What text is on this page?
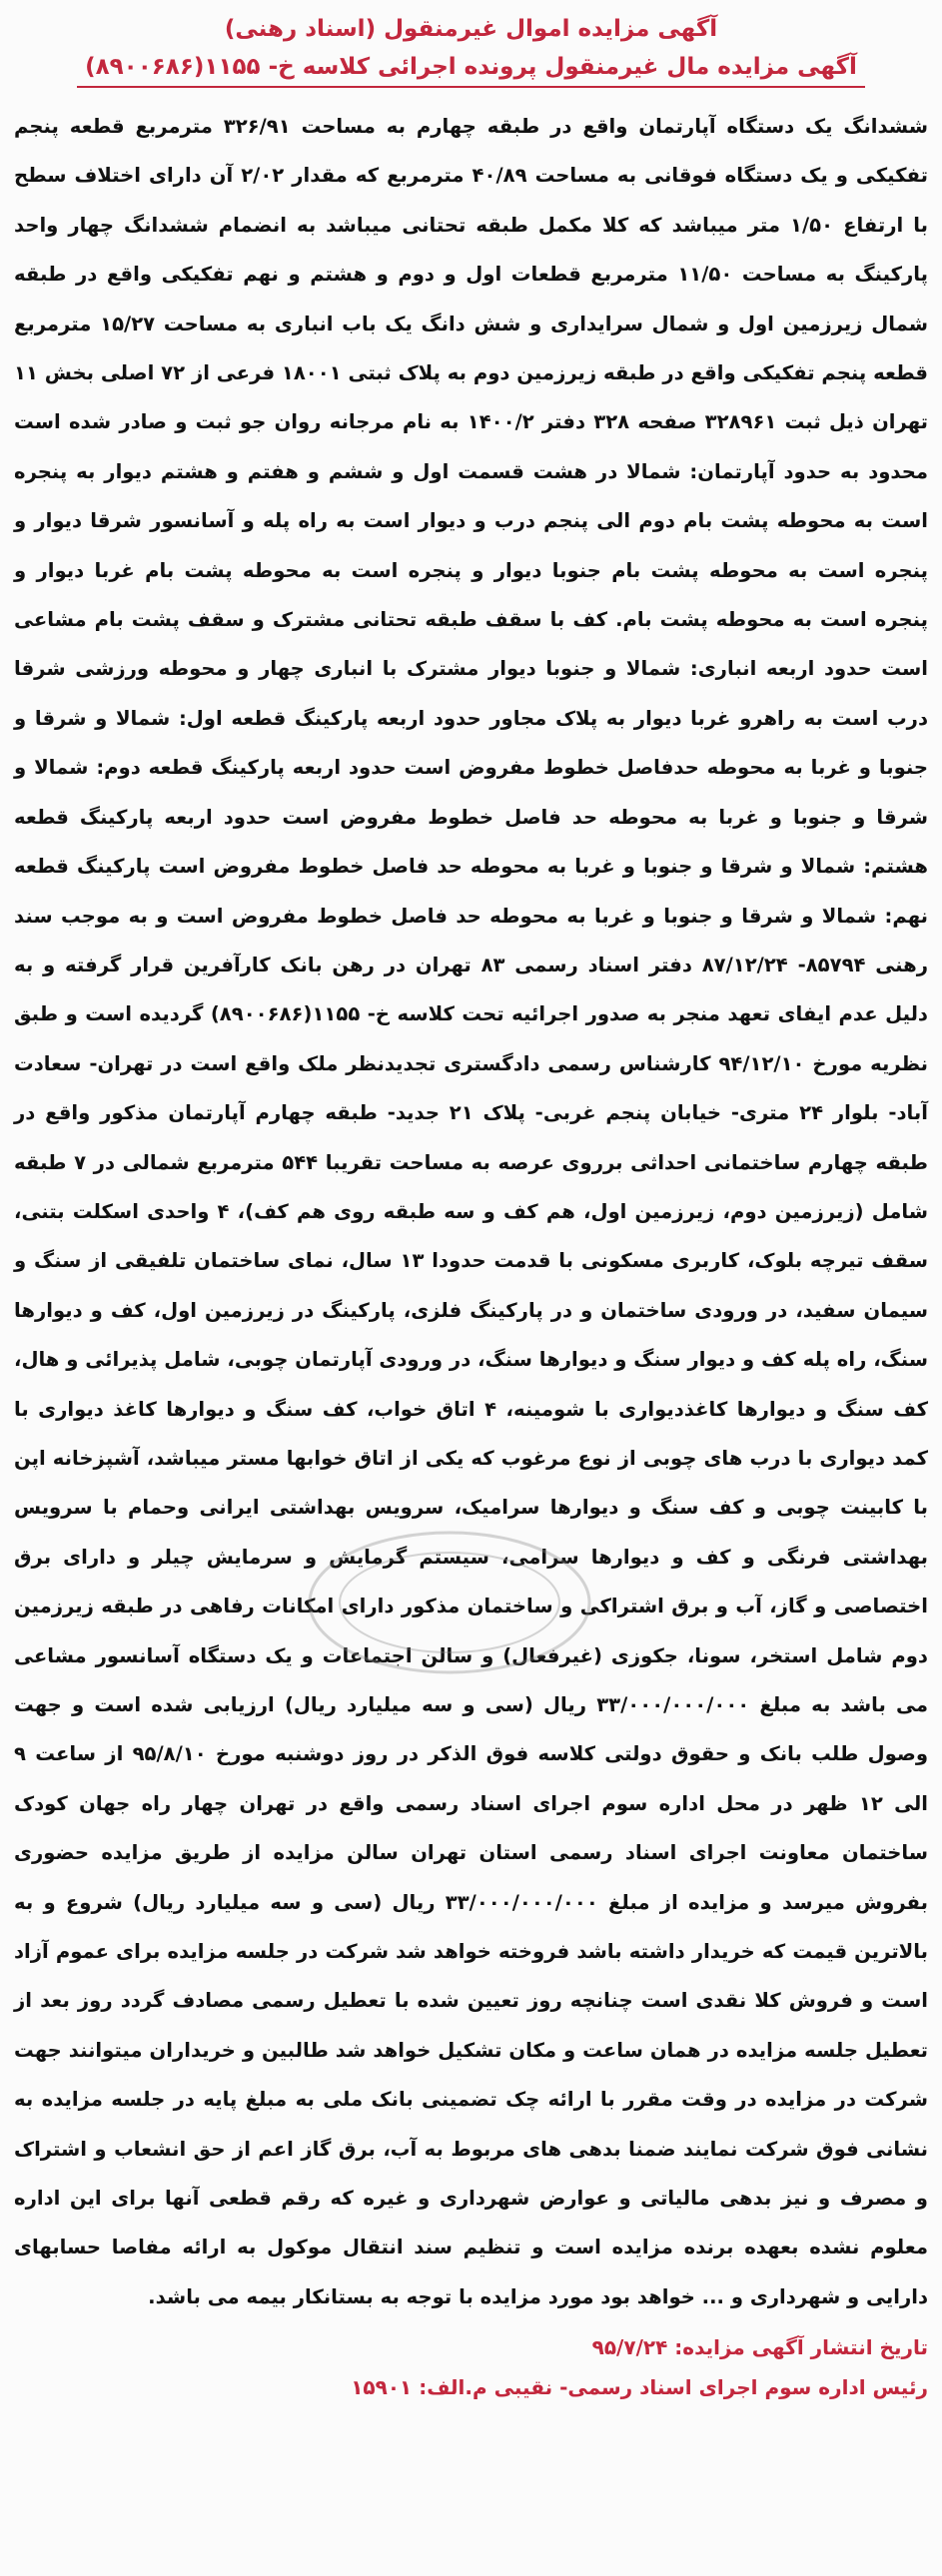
آگهی مزایده اموال غیرمنقول (اسناد رهنی)
آگهی مزایده مال غیرمنقول پرونده اجرائی کلاسه خ- ۱۱۵۵(۸۹۰۰۶۸۶)

ششدانگ یک دستگاه آپارتمان واقع در طبقه چهارم به مساحت ۳۲۶/۹۱ مترمربع قطعه پنجم تفکیکی و یک دستگاه فوقانی به مساحت ۴۰/۸۹ مترمربع که مقدار ۲/۰۲ آن دارای اختلاف سطح با ارتفاع ۱/۵۰ متر میباشد که کلا مکمل طبقه تحتانی میباشد به انضمام ششدانگ چهار واحد پارکینگ به مساحت ۱۱/۵۰ مترمربع قطعات اول و دوم و هشتم و نهم تفکیکی واقع در طبقه شمال زیرزمین اول و شمال سرایداری و شش دانگ یک باب انباری به مساحت ۱۵/۲۷ مترمربع قطعه پنجم تفکیکی واقع در طبقه زیرزمین دوم به پلاک ثبتی ۱۸۰۰۱ فرعی از ۷۲ اصلی بخش ۱۱ تهران ذیل ثبت ۳۲۸۹۶۱ صفحه ۳۲۸ دفتر ۱۴۰۰/۲ به نام مرجانه روان جو ثبت و صادر شده است محدود به حدود آپارتمان: شمالا در هشت قسمت اول و ششم و هفتم و هشتم دیوار به پنجره است به محوطه پشت بام دوم الی پنجم درب و دیوار است به راه پله و آسانسور شرقا دیوار و پنجره است به محوطه پشت بام جنوبا دیوار و پنجره است به محوطه پشت بام غربا دیوار و پنجره است به محوطه پشت بام. کف با سقف طبقه تحتانی مشترک و سقف پشت بام مشاعی است حدود اربعه انباری: شمالا و جنوبا دیوار مشترک با انباری چهار و محوطه ورزشی شرقا درب است به راهرو غربا دیوار به پلاک مجاور حدود اربعه پارکینگ قطعه اول: شمالا و شرقا و جنوبا و غربا به محوطه حدفاصل خطوط مفروض است حدود اربعه پارکینگ قطعه دوم: شمالا و شرقا و جنوبا و غربا به محوطه حد فاصل خطوط مفروض است حدود اربعه پارکینگ قطعه هشتم: شمالا و شرقا و جنوبا و غربا به محوطه حد فاصل خطوط مفروض است پارکینگ قطعه نهم: شمالا و شرقا و جنوبا و غربا به محوطه حد فاصل خطوط مفروض است و به موجب سند رهنی ۸۵۷۹۴- ۸۷/۱۲/۲۴ دفتر اسناد رسمی ۸۳ تهران در رهن بانک کارآفرین قرار گرفته و به دلیل عدم ایفای تعهد منجر به صدور اجرائیه تحت کلاسه خ- ۱۱۵۵(۸۹۰۰۶۸۶) گردیده است و طبق نظریه مورخ ۹۴/۱۲/۱۰ کارشناس رسمی دادگستری تجدیدنظر ملک واقع است در تهران- سعادت آباد- بلوار ۲۴ متری- خیابان پنجم غربی- پلاک ۲۱ جدید- طبقه چهارم آپارتمان مذکور واقع در طبقه چهارم ساختمانی احداثی برروی عرصه به مساحت تقریبا ۵۴۴ مترمربع شمالی در ۷ طبقه شامل (زیرزمین دوم، زیرزمین اول، هم کف و سه طبقه روی هم کف)، ۴ واحدی اسکلت بتنی، سقف تیرچه بلوک، کاربری مسکونی با قدمت حدودا ۱۳ سال، نمای ساختمان تلفیقی از سنگ و سیمان سفید، در ورودی ساختمان و در پارکینگ فلزی، پارکینگ در زیرزمین اول، کف و دیوارها سنگ، راه پله کف و دیوار سنگ و دیوارها سنگ، در ورودی آپارتمان چوبی، شامل پذیرائی و هال، کف سنگ و دیوارها کاغذدیواری با شومینه، ۴ اتاق خواب، کف سنگ و دیوارها کاغذ دیواری با کمد دیواری با درب های چوبی از نوع مرغوب که یکی از اتاق خوابها مستر میباشد، آشپزخانه اپن با کابینت چوبی و کف سنگ و دیوارها سرامیک، سرویس بهداشتی ایرانی وحمام با سرویس بهداشتی فرنگی و کف و دیوارها سرامی، سیستم گرمایش و سرمایش چیلر و دارای برق اختصاصی و گاز، آب و برق اشتراکی و ساختمان مذکور دارای امکانات رفاهی در طبقه زیرزمین دوم شامل استخر، سونا، جکوزی (غیرفعال) و سالن اجتماعات و یک دستگاه آسانسور مشاعی می باشد به مبلغ ۳۳/۰۰۰/۰۰۰/۰۰۰ ریال (سی و سه میلیارد ریال) ارزیابی شده است و جهت وصول طلب بانک و حقوق دولتی کلاسه فوق الذکر در روز دوشنبه مورخ ۹۵/۸/۱۰ از ساعت ۹ الی ۱۲ ظهر در محل اداره سوم اجرای اسناد رسمی واقع در تهران چهار راه جهان کودک ساختمان معاونت اجرای اسناد رسمی استان تهران سالن مزایده از طریق مزایده حضوری بفروش میرسد و مزایده از مبلغ ۳۳/۰۰۰/۰۰۰/۰۰۰ ریال (سی و سه میلیارد ریال) شروع و به بالاترین قیمت که خریدار داشته باشد فروخته خواهد شد شرکت در جلسه مزایده برای عموم آزاد است و فروش کلا نقدی است چنانچه روز تعیین شده با تعطیل رسمی مصادف گردد روز بعد از تعطیل جلسه مزایده در همان ساعت و مکان تشکیل خواهد شد طالبین و خریداران میتوانند جهت شرکت در مزایده در وقت مقرر با ارائه چک تضمینی بانک ملی به مبلغ پایه در جلسه مزایده به نشانی فوق شرکت نمایند ضمنا بدهی های مربوط به آب، برق گاز اعم از حق انشعاب و اشتراک و مصرف و نیز بدهی مالیاتی و عوارض شهرداری و غیره که رقم قطعی آنها برای این اداره معلوم نشده بعهده برنده مزایده است و تنظیم سند انتقال موکول به ارائه مفاصا حسابهای دارایی و شهرداری و ... خواهد بود مورد مزایده با توجه به بستانکار بیمه می باشد.

تاریخ انتشار آگهی مزایده: ۹۵/۷/۲۴
رئیس اداره سوم اجرای اسناد رسمی- نقیبی م.الف: ۱۵۹۰۱
